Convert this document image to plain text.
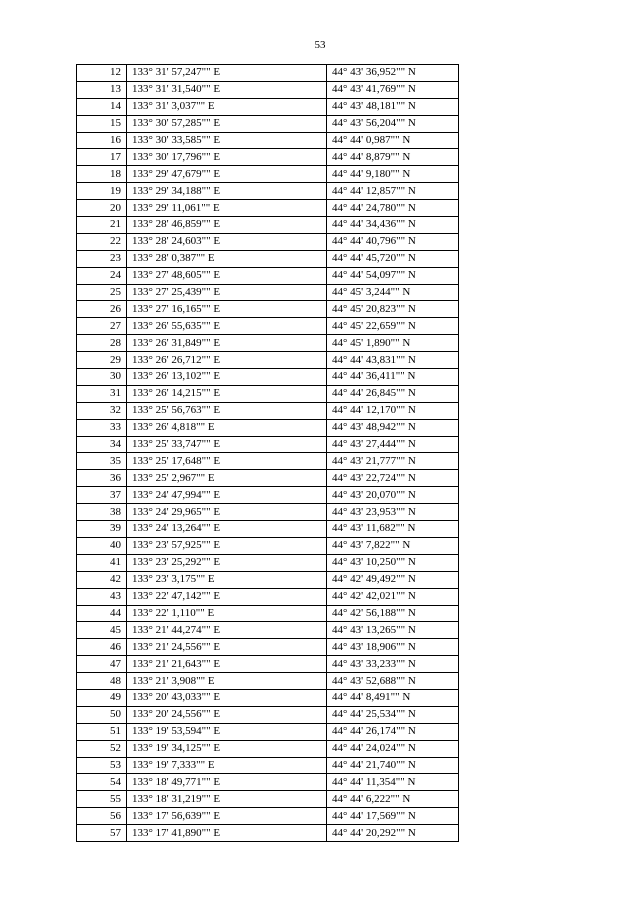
53
12	133° 31' 57,247"" E	44° 43' 36,952"" N
13	133° 31' 31,540"" E	44° 43' 41,769"" N
14	133° 31' 3,037"" E	44° 43' 48,181"" N
15	133° 30' 57,285"" E	44° 43' 56,204"" N
16	133° 30' 33,585"" E	44° 44' 0,987"" N
17	133° 30' 17,796"" E	44° 44' 8,879"" N
18	133° 29' 47,679"" E	44° 44' 9,180"" N
19	133° 29' 34,188"" E	44° 44' 12,857"" N
20	133° 29' 11,061"" E	44° 44' 24,780"" N
21	133° 28' 46,859"" E	44° 44' 34,436"" N
22	133° 28' 24,603"" E	44° 44' 40,796"" N
23	133° 28' 0,387"" E	44° 44' 45,720"" N
24	133° 27' 48,605"" E	44° 44' 54,097"" N
25	133° 27' 25,439"" E	44° 45' 3,244"" N
26	133° 27' 16,165"" E	44° 45' 20,823"" N
27	133° 26' 55,635"" E	44° 45' 22,659"" N
28	133° 26' 31,849"" E	44° 45' 1,890"" N
29	133° 26' 26,712"" E	44° 44' 43,831"" N
30	133° 26' 13,102"" E	44° 44' 36,411"" N
31	133° 26' 14,215"" E	44° 44' 26,845"" N
32	133° 25' 56,763"" E	44° 44' 12,170"" N
33	133° 26' 4,818"" E	44° 43' 48,942"" N
34	133° 25' 33,747"" E	44° 43' 27,444"" N
35	133° 25' 17,648"" E	44° 43' 21,777"" N
36	133° 25' 2,967"" E	44° 43' 22,724"" N
37	133° 24' 47,994"" E	44° 43' 20,070"" N
38	133° 24' 29,965"" E	44° 43' 23,953"" N
39	133° 24' 13,264"" E	44° 43' 11,682"" N
40	133° 23' 57,925"" E	44° 43' 7,822"" N
41	133° 23' 25,292"" E	44° 43' 10,250"" N
42	133° 23' 3,175"" E	44° 42' 49,492"" N
43	133° 22' 47,142"" E	44° 42' 42,021"" N
44	133° 22' 1,110"" E	44° 42' 56,188"" N
45	133° 21' 44,274"" E	44° 43' 13,265"" N
46	133° 21' 24,556"" E	44° 43' 18,906"" N
47	133° 21' 21,643"" E	44° 43' 33,233"" N
48	133° 21' 3,908"" E	44° 43' 52,688"" N
49	133° 20' 43,033"" E	44° 44' 8,491"" N
50	133° 20' 24,556"" E	44° 44' 25,534"" N
51	133° 19' 53,594"" E	44° 44' 26,174"" N
52	133° 19' 34,125"" E	44° 44' 24,024"" N
53	133° 19' 7,333"" E	44° 44' 21,740"" N
54	133° 18' 49,771"" E	44° 44' 11,354"" N
55	133° 18' 31,219"" E	44° 44' 6,222"" N
56	133° 17' 56,639"" E	44° 44' 17,569"" N
57	133° 17' 41,890"" E	44° 44' 20,292"" N
